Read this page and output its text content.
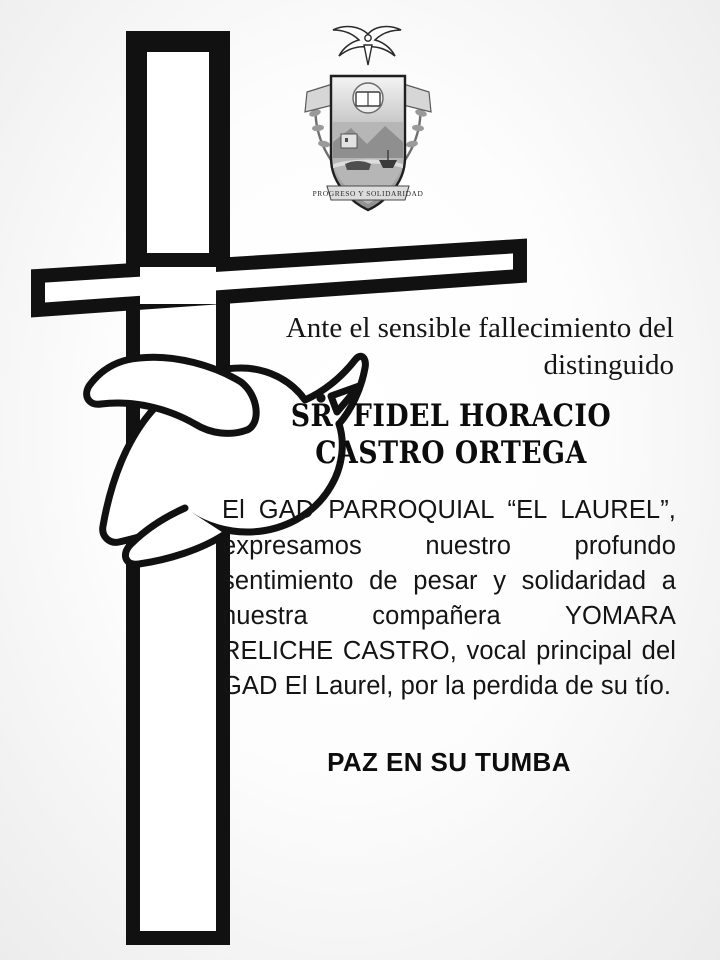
PROGRESO Y SOLIDARIDAD

Ante el sensible fallecimiento del distinguido

SR. FIDEL HORACIO
CASTRO ORTEGA

El GAD PARROQUIAL “EL LAUREL”, expresamos nuestro profundo sentimiento de pesar y solidaridad a nuestra compañera YOMARA RELICHE CASTRO, vocal principal del GAD El Laurel, por la perdida de su tío.

PAZ EN SU TUMBA
